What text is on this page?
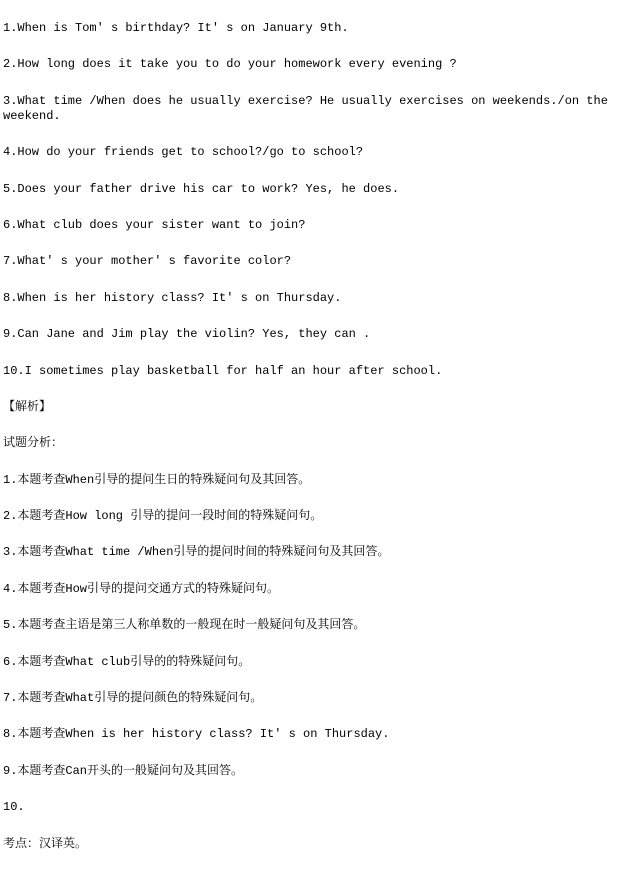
1.When is Tom' s birthday? It' s on January 9th.

2.How long does it take you to do your homework every evening ?

3.What time /When does he usually exercise? He usually exercises on weekends./on the weekend.

4.How do your friends get to school?/go to school?

5.Does your father drive his car to work? Yes, he does.

6.What club does your sister want to join?

7.What' s your mother' s favorite color?

8.When is her history class? It' s on Thursday.

9.Can Jane and Jim play the violin? Yes, they can .

10.I sometimes play basketball for half an hour after school.

【解析】

试题分析：

1.本题考查When引导的提问生日的特殊疑问句及其回答。

2.本题考查How long 引导的提问一段时间的特殊疑问句。

3.本题考查What time /When引导的提问时间的特殊疑问句及其回答。

4.本题考查How引导的提问交通方式的特殊疑问句。

5.本题考查主语是第三人称单数的一般现在时一般疑问句及其回答。

6.本题考查What club引导的的特殊疑问句。

7.本题考查What引导的提问颜色的特殊疑问句。

8.本题考查When is her history class? It' s on Thursday.

9.本题考查Can开头的一般疑问句及其回答。

10.

考点：汉译英。
